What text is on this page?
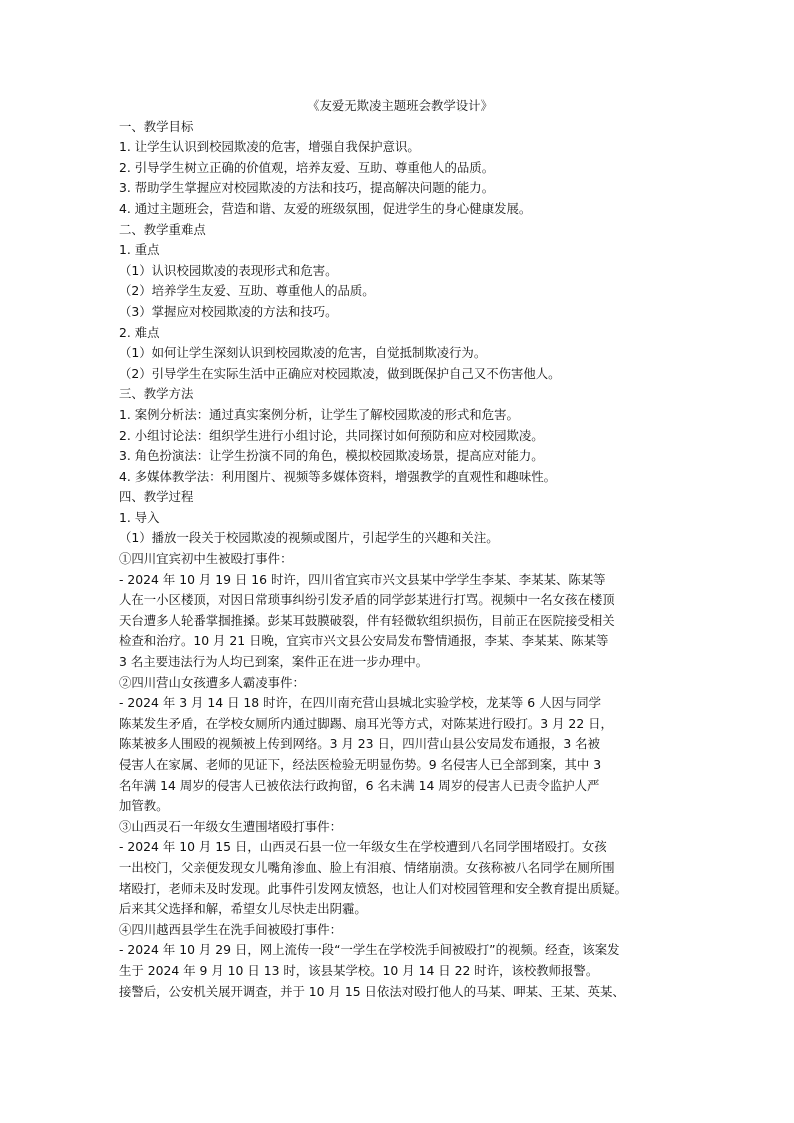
《友爱无欺凌主题班会教学设计》
一、教学目标
1. 让学生认识到校园欺凌的危害，增强自我保护意识。
2. 引导学生树立正确的价值观，培养友爱、互助、尊重他人的品质。
3. 帮助学生掌握应对校园欺凌的方法和技巧，提高解决问题的能力。
4. 通过主题班会，营造和谐、友爱的班级氛围，促进学生的身心健康发展。
二、教学重难点
1. 重点
（1）认识校园欺凌的表现形式和危害。
（2）培养学生友爱、互助、尊重他人的品质。
（3）掌握应对校园欺凌的方法和技巧。
2. 难点
（1）如何让学生深刻认识到校园欺凌的危害，自觉抵制欺凌行为。
（2）引导学生在实际生活中正确应对校园欺凌，做到既保护自己又不伤害他人。
三、教学方法
1. 案例分析法：通过真实案例分析，让学生了解校园欺凌的形式和危害。
2. 小组讨论法：组织学生进行小组讨论，共同探讨如何预防和应对校园欺凌。
3. 角色扮演法：让学生扮演不同的角色，模拟校园欺凌场景，提高应对能力。
4. 多媒体教学法：利用图片、视频等多媒体资料，增强教学的直观性和趣味性。
四、教学过程
1. 导入
（1）播放一段关于校园欺凌的视频或图片，引起学生的兴趣和关注。
①四川宜宾初中生被殴打事件：
- 2024 年 10 月 19 日 16 时许，四川省宜宾市兴文县某中学学生李某、李某某、陈某等
人在一小区楼顶，对因日常琐事纠纷引发矛盾的同学彭某进行打骂。视频中一名女孩在楼顶
天台遭多人轮番掌掴推搡。彭某耳鼓膜破裂，伴有轻微软组织损伤，目前正在医院接受相关
检查和治疗。10 月 21 日晚，宜宾市兴文县公安局发布警情通报，李某、李某某、陈某等
3 名主要违法行为人均已到案，案件正在进一步办理中。
②四川营山女孩遭多人霸凌事件：
- 2024 年 3 月 14 日 18 时许，在四川南充营山县城北实验学校，龙某等 6 人因与同学
陈某发生矛盾，在学校女厕所内通过脚踢、扇耳光等方式，对陈某进行殴打。3 月 22 日，
陈某被多人围殴的视频被上传到网络。3 月 23 日，四川营山县公安局发布通报，3 名被
侵害人在家属、老师的见证下，经法医检验无明显伤势。9 名侵害人已全部到案，其中 3
名年满 14 周岁的侵害人已被依法行政拘留，6 名未满 14 周岁的侵害人已责令监护人严
加管教。
③山西灵石一年级女生遭围堵殴打事件：
- 2024 年 10 月 15 日，山西灵石县一位一年级女生在学校遭到八名同学围堵殴打。女孩
一出校门，父亲便发现女儿嘴角渗血、脸上有泪痕、情绪崩溃。女孩称被八名同学在厕所围
堵殴打，老师未及时发现。此事件引发网友愤怒，也让人们对校园管理和安全教育提出质疑。
后来其父选择和解，希望女儿尽快走出阴霾。
④四川越西县学生在洗手间被殴打事件：
- 2024 年 10 月 29 日，网上流传一段“一学生在学校洗手间被殴打”的视频。经查，该案发
生于 2024 年 9 月 10 日 13 时，该县某学校。10 月 14 日 22 时许，该校教师报警。
接警后，公安机关展开调查，并于 10 月 15 日依法对殴打他人的马某、呷某、王某、英某、
